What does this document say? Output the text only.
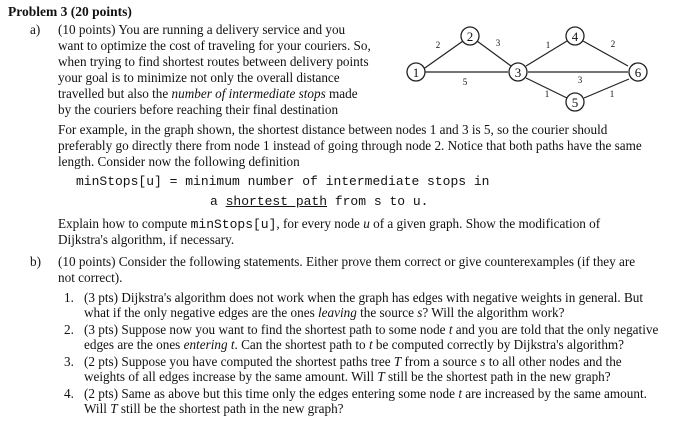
Problem 3 (20 points)
a) (10 points) You are running a delivery service and you
want to optimize the cost of traveling for your couriers. So,
when trying to find shortest routes between delivery points
your goal is to minimize not only the overall distance
travelled but also the number of intermediate stops made
by the couriers before reaching their final destination
1
2
3
4
5
6
2	3
5
1	2
3
1	1
For example, in the graph shown, the shortest distance between nodes 1 and 3 is 5, so the courier should
preferably go directly there from node 1 instead of going through node 2. Notice that both paths have the same
length. Consider now the following definition
minStops[u] = minimum number of intermediate stops in
a shortest path from s to u.
Explain how to compute minStops[u], for every node u of a given graph. Show the modification of
Dijkstra's algorithm, if necessary.
b) (10 points) Consider the following statements. Either prove them correct or give counterexamples (if they are
not correct).
1. (3 pts) Dijkstra's algorithm does not work when the graph has edges with negative weights in general. But
what if the only negative edges are the ones leaving the source s? Will the algorithm work?
2. (3 pts) Suppose now you want to find the shortest path to some node t and you are told that the only negative
edges are the ones entering t. Can the shortest path to t be computed correctly by Dijkstra's algorithm?
3. (2 pts) Suppose you have computed the shortest paths tree T from a source s to all other nodes and the
weights of all edges increase by the same amount. Will T still be the shortest path in the new graph?
4. (2 pts) Same as above but this time only the edges entering some node t are increased by the same amount.
Will T still be the shortest path in the new graph?
